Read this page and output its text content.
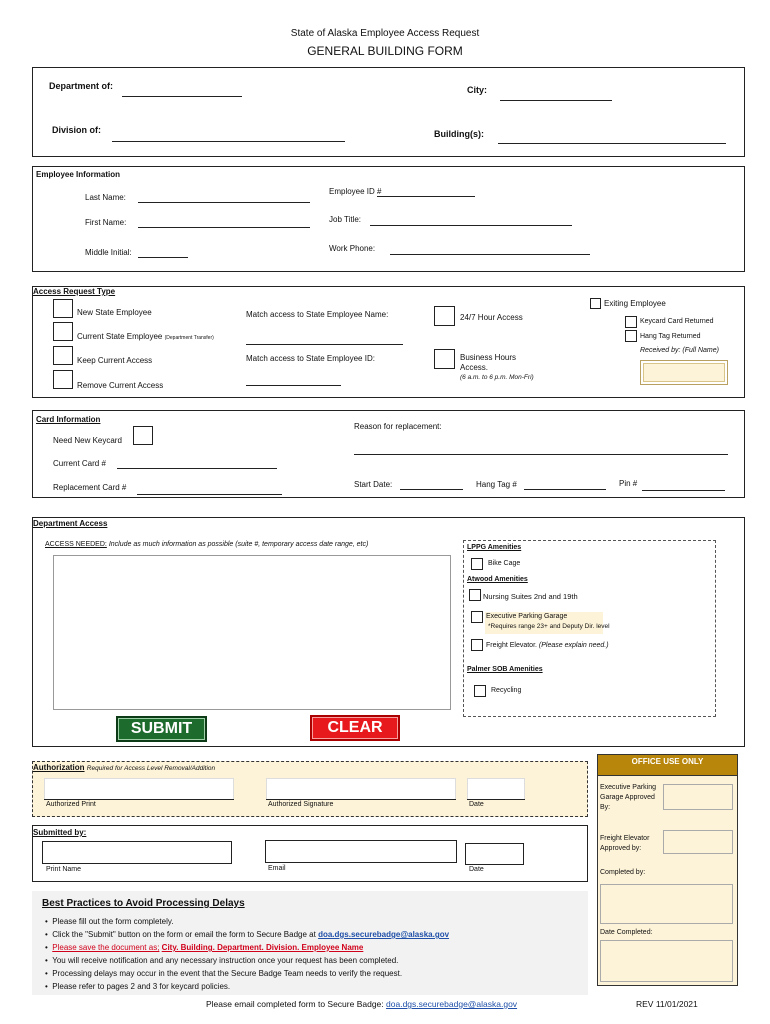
State of Alaska Employee Access Request
GENERAL BUILDING FORM
Department of:	City:
Division of:	Building(s):
Employee Information
Last Name:
First Name:
Middle Initial:
Employee ID #
Job Title:
Work Phone:
Access Request Type
New State Employee
Current State Employee (Department Transfer)
Keep Current Access
Remove Current Access
Match access to State Employee Name:
Match access to State Employee ID:
24/7 Hour Access
Business Hours
Access.
(6 a.m. to 6 p.m. Mon-Fri)
Exiting Employee
Keycard Card Returned
Hang Tag Returned
Received by: (Full Name)
Card Information
Need New Keycard
Current Card #
Replacement Card #
Reason for replacement:
Start Date:	Hang Tag #	Pin #
Department Access
ACCESS NEEDED: Include as much information as possible (suite #, temporary access date range, etc)	LPPG Amenities
Bike Cage
Atwood Amenities
Nursing Suites 2nd and 19th
Executive Parking Garage
*Requires range 23+ and Deputy Dir. level
Freight Elevator. (Please explain need.)
Palmer SOB Amenities
Recycling
SUBMIT	CLEAR
Authorization Required for Access Level Removal/Addition
Authorized Print	Authorized Signature	Date
Submitted by:
Print Name	Email	Date
OFFICE USE ONLY
Executive Parking Garage Approved By:
Freight Elevator Approved by:
Completed by:
Date Completed:
Best Practices to Avoid Processing Delays
•  Please fill out the form completely.
•  Click the "Submit" button on the form or email the form to Secure Badge at doa.dgs.securebadge@alaska.gov
•  Please save the document as; City. Building. Department. Division. Employee Name
•  You will receive notification and any necessary instruction once your request has been completed.
•  Processing delays may occur in the event that the Secure Badge Team needs to verify the request.
•  Please refer to pages 2 and 3 for keycard policies.
Please email completed form to Secure Badge: doa.dgs.securebadge@alaska.gov	REV 11/01/2021
